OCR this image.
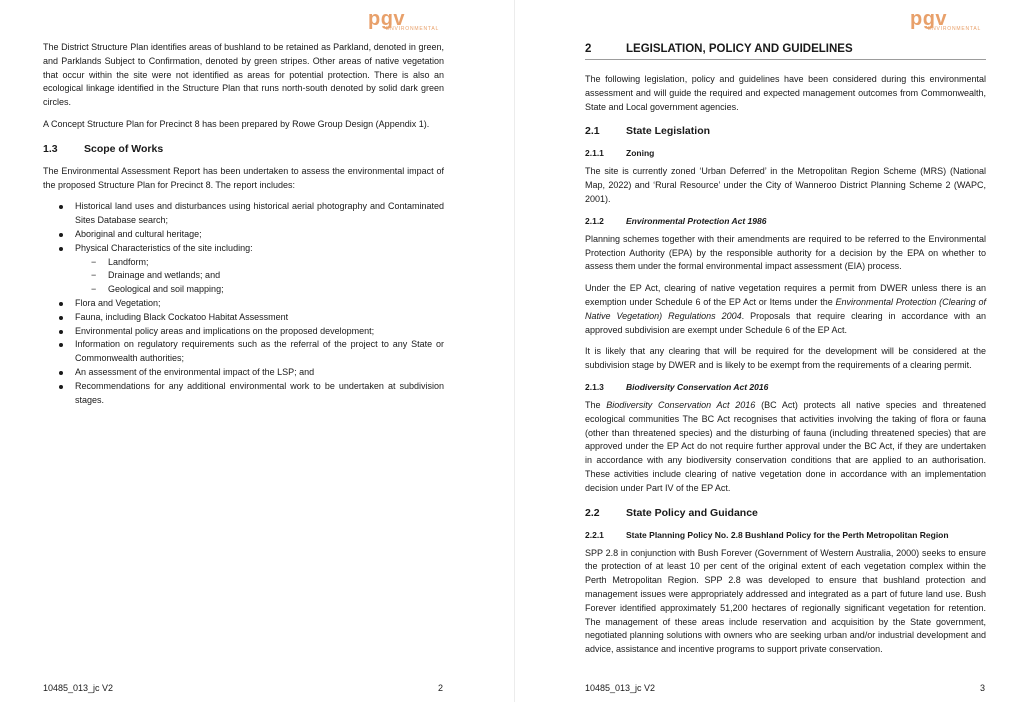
pgv
ENVIRONMENTAL

The District Structure Plan identifies areas of bushland to be retained as Parkland, denoted in green, and Parklands Subject to Confirmation, denoted by green stripes. Other areas of native vegetation that occur within the site were not identified as areas for potential protection. There is also an ecological linkage identified in the Structure Plan that runs north-south denoted by solid dark green circles.

A Concept Structure Plan for Precinct 8 has been prepared by Rowe Group Design (Appendix 1).

1.3	Scope of Works

The Environmental Assessment Report has been undertaken to assess the environmental impact of the proposed Structure Plan for Precinct 8. The report includes:

Historical land uses and disturbances using historical aerial photography and Contaminated Sites Database search;
Aboriginal and cultural heritage;
Physical Characteristics of the site including:
− Landform;
− Drainage and wetlands; and
− Geological and soil mapping;
Flora and Vegetation;
Fauna, including Black Cockatoo Habitat Assessment
Environmental policy areas and implications on the proposed development;
Information on regulatory requirements such as the referral of the project to any State or Commonwealth authorities;
An assessment of the environmental impact of the LSP; and
Recommendations for any additional environmental work to be undertaken at subdivision stages.
10485_013_jc V2	2
pgv
ENVIRONMENTAL
2	LEGISLATION, POLICY AND GUIDELINES

The following legislation, policy and guidelines have been considered during this environmental assessment and will guide the required and expected management outcomes from Commonwealth, State and Local government agencies.

2.1	State Legislation
2.1.1	Zoning

The site is currently zoned ‘Urban Deferred’ in the Metropolitan Region Scheme (MRS) (National Map, 2022) and ‘Rural Resource’ under the City of Wanneroo District Planning Scheme 2 (WAPC, 2001).

2.1.2	Environmental Protection Act 1986

Planning schemes together with their amendments are required to be referred to the Environmental Protection Authority (EPA) by the responsible authority for a decision by the EPA on whether to assess them under the formal environmental impact assessment (EIA) process.

Under the EP Act, clearing of native vegetation requires a permit from DWER unless there is an exemption under Schedule 6 of the EP Act or Items under the Environmental Protection (Clearing of Native Vegetation) Regulations 2004. Proposals that require clearing in accordance with an approved subdivision are exempt under Schedule 6 of the EP Act.

It is likely that any clearing that will be required for the development will be considered at the subdivision stage by DWER and is likely to be exempt from the requirements of a clearing permit.

2.1.3	Biodiversity Conservation Act 2016

The Biodiversity Conservation Act 2016 (BC Act) protects all native species and threatened ecological communities The BC Act recognises that activities involving the taking of flora or fauna (other than threatened species) and the disturbing of fauna (including threatened species) that are approved under the EP Act do not require further approval under the BC Act, if they are undertaken in accordance with any biodiversity conservation conditions that are applied to an authorisation. These activities include clearing of native vegetation done in accordance with an implementation decision under Part IV of the EP Act.

2.2	State Policy and Guidance
2.2.1	State Planning Policy No. 2.8 Bushland Policy for the Perth Metropolitan Region

SPP 2.8 in conjunction with Bush Forever (Government of Western Australia, 2000) seeks to ensure the protection of at least 10 per cent of the original extent of each vegetation complex within the Perth Metropolitan Region. SPP 2.8 was developed to ensure that bushland protection and management issues were appropriately addressed and integrated as a part of future land use. Bush Forever identified approximately 51,200 hectares of regionally significant vegetation for retention. The management of these areas include reservation and acquisition by the State government, negotiated planning solutions with owners who are seeking urban and/or industrial development and advice, assistance and incentive programs to support private conservation.

10485_013_jc V2	3
